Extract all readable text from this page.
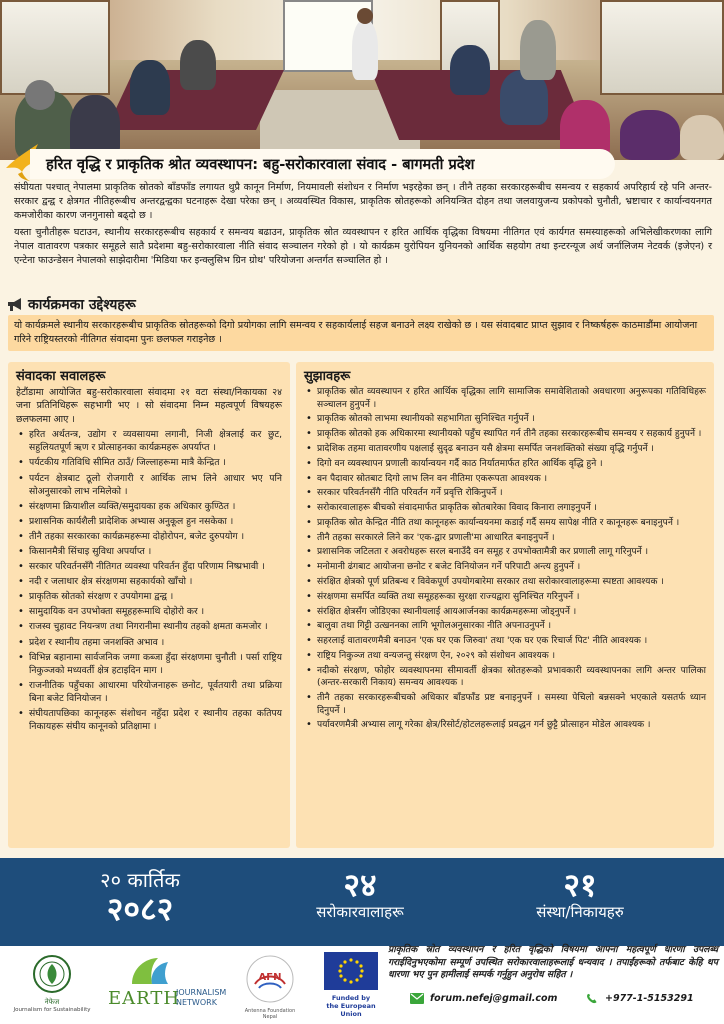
हरित वृद्धि र प्राकृतिक श्रोत व्यवस्थापन: बहु-सरोकारवाला संवाद - बागमती प्रदेश

संघीयता पश्चात् नेपालमा प्राकृतिक स्रोतको बाँडफाँड लगायत थुप्रै कानून निर्माण, नियमावली संशोधन र निर्माण भइरहेका छन् । तीनै तहका सरकारहरूबीच समन्वय र सहकार्य अपरिहार्य रहे पनि अन्तर-सरकार द्वन्द्व र क्षेत्रगत नीतिहरूबीच अन्तरद्वन्द्वका घटनाहरू देखा परेका छन् । अव्यवस्थित विकास, प्राकृतिक स्रोतहरूको अनियन्त्रित दोहन तथा जलवायुजन्य प्रकोपको चुनौती, भ्रष्टाचार र कार्यान्वयनगत कमजोरीका कारण जनगुनासो बढ्दो छ ।

यस्ता चुनौतीहरू घटाउन, स्थानीय सरकारहरूबीच सहकार्य र समन्वय बढाउन, प्राकृतिक स्रोत व्यवस्थापन र हरित आर्थिक वृद्धिका विषयमा नीतिगत एवं कार्यगत समस्याहरूको अभिलेखीकरणका लागि नेपाल वातावरण पत्रकार समूहले सातै प्रदेशमा बहु-सरोकारवाला नीति संवाद सञ्चालन गरेको हो । यो कार्यक्रम युरोपियन युनियनको आर्थिक सहयोग तथा इन्टरन्यूज अर्थ जर्नालिजम नेटवर्क (इजेएन) र एन्टेना फाउन्डेसन नेपालको साझेदारीमा 'मिडिया फर इन्क्लुसिभ ग्रिन ग्रोथ' परियोजना अन्तर्गत सञ्चालित हो ।

कार्यक्रमका उद्देश्यहरू
यो कार्यक्रमले स्थानीय सरकारहरूबीच प्राकृतिक स्रोतहरूको दिगो प्रयोगका लागि समन्वय र सहकार्यलाई सहज बनाउने लक्ष्य राखेको छ । यस संवादबाट प्राप्त सुझाव र निष्कर्षहरू काठमाडौंमा आयोजना गरिने राष्ट्रियस्तरको नीतिगत संवादमा पुनः छलफल गराइनेछ ।
संवादका सवालहरू

हेटौंडामा आयोजित बहु-सरोकारवाला संवादमा २१ वटा संस्था/निकायका २४ जना प्रतिनिधिहरू सहभागी भए । सो संवादमा निम्न महत्वपूर्ण विषयहरू छलफलमा आए ।

• हरित अर्थतन्त्र, उद्योग र व्यवसायमा लगानी, निजी क्षेत्रलाई कर छुट, सहुलियतपूर्ण ऋण र प्रोत्साहनका कार्यक्रमहरू अपर्याप्त ।
• पर्यटकीय गतिविधि सीमित ठाउँ/ जिल्लाहरूमा मात्रै केन्द्रित ।
• पर्यटन क्षेत्रबाट ठूलो रोजगारी र आर्थिक लाभ लिने आधार भए पनि सोअनुसारको लाभ नमिलेको ।
• संरक्षणमा क्रियाशील व्यक्ति/समुदायका हक अधिकार कुण्ठित ।
• प्रशासनिक कार्यशैली प्रादेशिक अभ्यास अनुकूल हुन नसकेका ।
• तीनै तहका सरकारका कार्यक्रमहरूमा दोहोरोपन, बजेट दुरुपयोग ।
• किसानमैत्री सिंचाइ सुविधा अपर्याप्त ।
• सरकार परिवर्तनसँगै नीतिगत व्यवस्था परिवर्तन हुँदा परिणाम निष्प्रभावी ।
• नदी र जलाधार क्षेत्र संरक्षणमा सहकार्यको खाँचो ।
• प्राकृतिक स्रोतको संरक्षण र उपयोगमा द्वन्द्व ।
• सामुदायिक वन उपभोक्ता समूहहरूमाथि दोहोरो कर ।
• राजस्व चुहावट नियन्त्रण तथा निगरानीमा स्थानीय तहको क्षमता कमजोर ।
• प्रदेश र स्थानीय तहमा जनशक्ति अभाव ।
• विभिन्न बहानामा सार्वजनिक जग्गा कब्जा हुँदा संरक्षणमा चुनौती । पर्सा राष्ट्रिय निकुञ्जको मध्यवर्ती क्षेत्र हटाइदिन माग ।
• राजनीतिक पहुँचका आधारमा परियोजनाहरू छनोट, पूर्वतयारी तथा प्रक्रिया बिना बजेट विनियोजन ।
• संघीयतापछिका कानूनहरू संशोधन नहुँदा प्रदेश र स्थानीय तहका कतिपय निकायहरू संघीय कानूनको प्रतिक्षामा ।
सुझावहरू
• प्राकृतिक स्रोत व्यवस्थापन र हरित आर्थिक वृद्धिका लागि सामाजिक समावेशिताको अवधारणा अनुरूपका गतिविधिहरू सञ्चालन हुनुपर्ने ।
• प्राकृतिक स्रोतको लाभमा स्थानीयको सहभागिता सुनिश्चित गर्नुपर्ने ।
• प्राकृतिक स्रोतको हक अधिकारमा स्थानीयको पहुँच स्थापित गर्न तीनै तहका सरकारहरूबीच समन्वय र सहकार्य हुनुपर्ने ।
• प्रादेशिक तहमा वातावरणीय पक्षलाई सुदृढ बनाउन यसै क्षेत्रमा समर्पित जनशक्तिको संख्या वृद्धि गर्नुपर्ने ।
• दिगो वन व्यवस्थापन प्रणाली कार्यान्वयन गर्दै काठ निर्यातमार्फत हरित आर्थिक वृद्धि हुने ।
• वन पैदावार स्रोतबाट दिगो लाभ लिन वन नीतिमा एकरूपता आवश्यक ।
• सरकार परिवर्तनसँगै नीति परिवर्तन गर्ने प्रवृत्ति रोकिनुपर्ने ।
• सरोकारवालाहरू बीचको संवादमार्फत प्राकृतिक स्रोतबारेका विवाद किनारा लगाइनुपर्ने ।
• प्राकृतिक स्रोत केन्द्रित नीति तथा कानूनहरू कार्यान्वयनमा कडाई गर्दै समय सापेक्ष नीति र कानूनहरू बनाइनुपर्ने ।
• तीनै तहका सरकारले लिने कर 'एक-द्वार प्रणाली'मा आधारित बनाइनुपर्ने ।
• प्रशासनिक जटिलता र अवरोधहरू सरल बनाउँदै वन समूह र उपभोक्तामैत्री कर प्रणाली लागू गरिनुपर्ने ।
• मनोमानी ढंगबाट आयोजना छनोट र बजेट विनियोजन गर्ने परिपाटी अन्त्य हुनुपर्ने ।
• संरक्षित क्षेत्रको पूर्ण प्रतिबन्ध र विवेकपूर्ण उपयोगबारेमा सरकार तथा सरोकारवालाहरूमा स्पष्टता आवश्यक ।
• संरक्षणमा समर्पित व्यक्ति तथा समूहहरूका सुरक्षा राज्यद्वारा सुनिश्चित गरिनुपर्ने ।
• संरक्षित क्षेत्रसँग जोडिएका स्थानीयलाई आयआर्जनका कार्यक्रमहरूमा जोड्नुपर्ने ।
• बालुवा तथा गिट्टी उत्खननका लागि भूगोलअनुसारका नीति अपनाउनुपर्ने ।
• सहरलाई वातावरणमैत्री बनाउन 'एक घर एक जिरुवा' तथा 'एक घर एक रिचार्ज पिट' नीति आवश्यक ।
• राष्ट्रिय निकुञ्ज तथा वन्यजन्तु संरक्षण ऐन, २०२९ को संशोधन आवश्यक ।
• नदीको संरक्षण, फोहोर व्यवस्थापनमा सीमावर्ती क्षेत्रका स्रोतहरूको प्रभावकारी व्यवस्थापनका लागि अन्तर पालिका (अन्तर-सरकारी निकाय) समन्वय आवश्यक ।
• तीनै तहका सरकारहरूबीचको अधिकार बाँडफाँड प्रष्ट बनाइनुपर्ने । समस्या पेचिलो बन्नसक्ने भएकाले यसतर्फ ध्यान दिनुपर्ने ।
• पर्यावरणमैत्री अभ्यास लागू गरेका क्षेत्र/रिसोर्ट/होटलहरूलाई प्रवद्धन गर्न छुट्टै प्रोत्साहन मोडेल आवश्यक ।
२० कार्तिक
२०८२
२४
सरोकारवालाहरू
२१
संस्था/निकायहरु
नेफेज
Journalism for Sustainability
EARTH
JOURNALISM
NETWORK
AFN
Antenna Foundation Nepal
Funded by
the European Union
प्राकृतिक स्रोत व्यवस्थापन र हरित वृद्धिको विषयमा आफ्ना महत्वपूर्ण धारणा उपलब्ध गराईदिनुभएकोमा सम्पूर्ण उपस्थित सरोकारवालाहरूलाई धन्यवाद । तपाईंहरूको तर्फबाट केहि थप धारणा भए पुन हामीलाई सम्पर्क गर्नुहुन अनुरोध सहित ।
forum.nefej@gmail.com	+977-1-5153291
